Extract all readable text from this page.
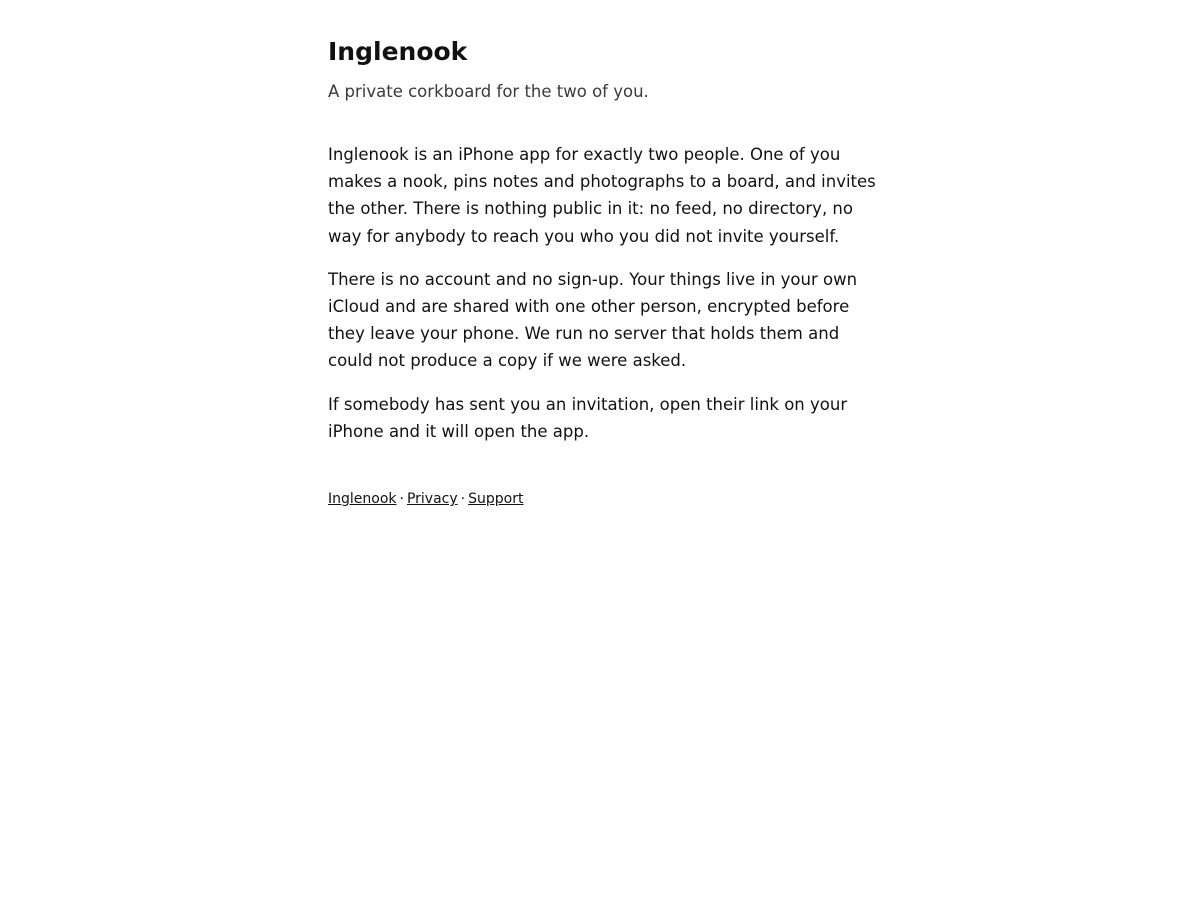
Inglenook

A private corkboard for the two of you.

Inglenook is an iPhone app for exactly two people. One of you makes a nook, pins notes and photographs to a board, and invites the other. There is nothing public in it: no feed, no directory, no way for anybody to reach you who you did not invite yourself.

There is no account and no sign-up. Your things live in your own iCloud and are shared with one other person, encrypted before they leave your phone. We run no server that holds them and could not produce a copy if we were asked.

If somebody has sent you an invitation, open their link on your iPhone and it will open the app.

Inglenook · Privacy · Support
